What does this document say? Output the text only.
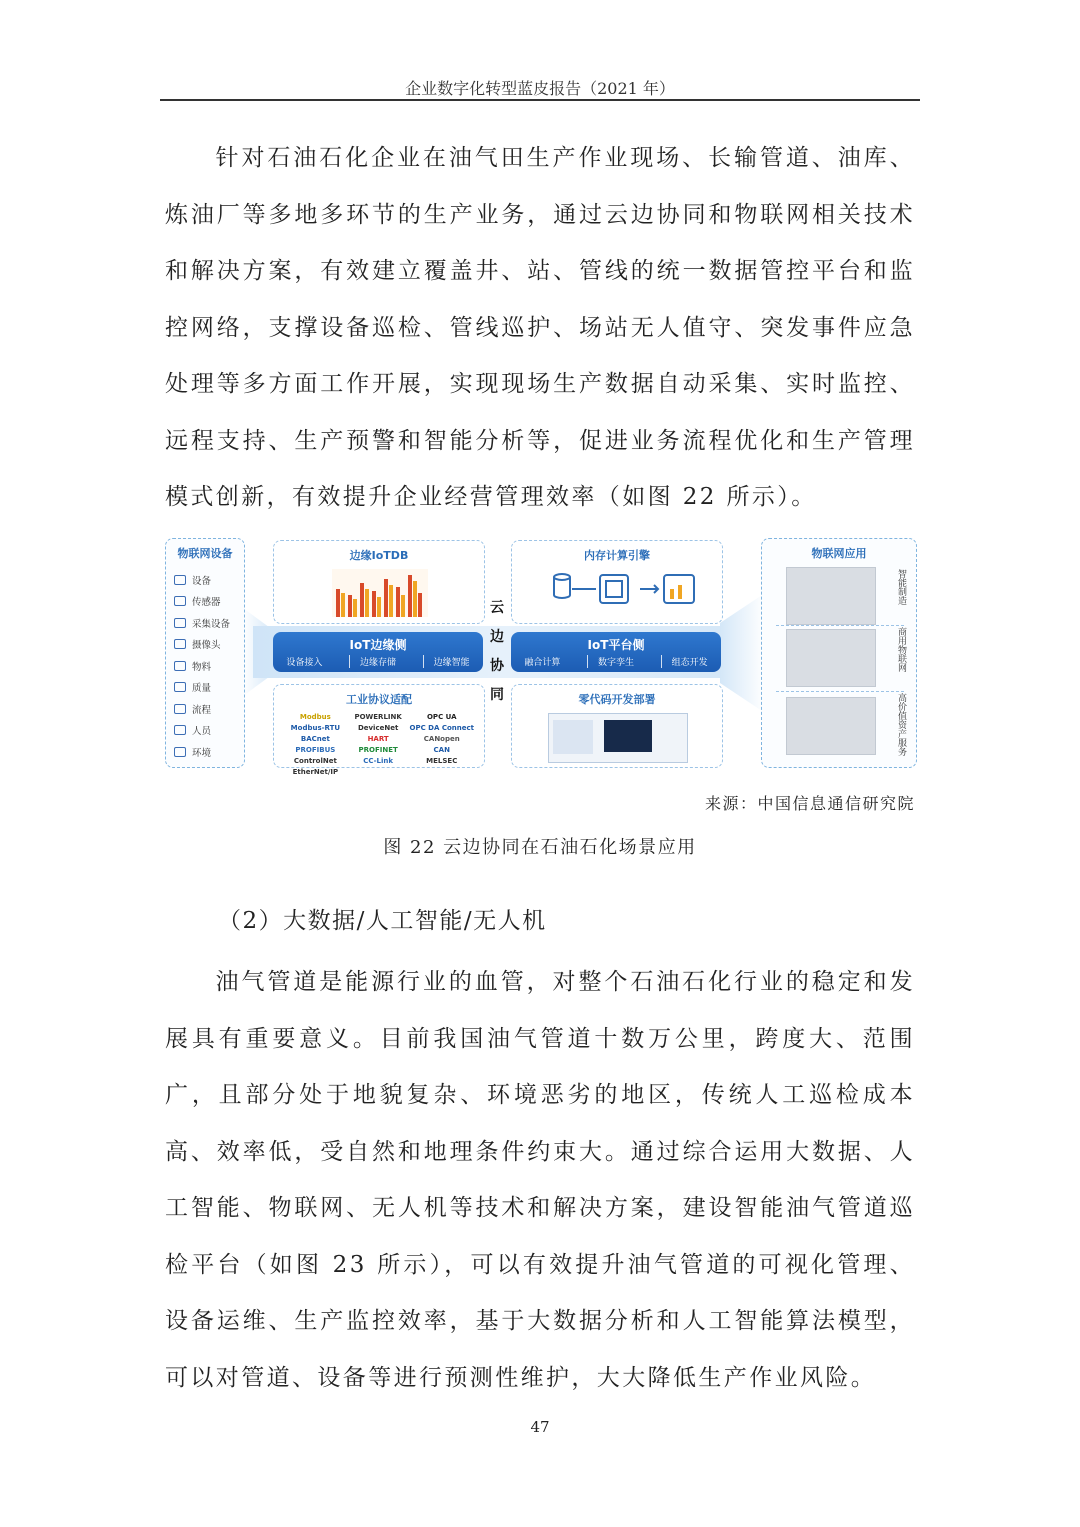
企业数字化转型蓝皮报告（2021 年）

针对石油石化企业在油气田生产作业现场、长输管道、油库、炼油厂等多地多环节的生产业务，通过云边协同和物联网相关技术和解决方案，有效建立覆盖井、站、管线的统一数据管控平台和监控网络，支撑设备巡检、管线巡护、场站无人值守、突发事件应急处理等多方面工作开展，实现现场生产数据自动采集、实时监控、远程支持、生产预警和智能分析等，促进业务流程优化和生产管理模式创新，有效提升企业经营管理效率（如图 22 所示）。

物联网设备
设备
传感器
采集设备
摄像头
物料
质量
流程
人员
环境
边缘IoTDB	内存计算引擎
云
边
协
同
IoT边缘侧
设备接入	边缘存储	边缘智能
IoT平台侧
融合计算	数字孪生	组态开发
工业协议适配
Modbus	POWERLINK	OPC UA
Modbus-RTU	DeviceNet	OPC DA Connect
BACnet	HART	CANopen
PROFIBUS	PROFINET	CAN
ControlNet	CC-Link	MELSEC
EtherNet/IP
零代码开发部署
物联网应用
智能制造
商用物联网
高价值资产服务
来源：中国信息通信研究院
图 22 云边协同在石油石化场景应用
（2）大数据/人工智能/无人机

油气管道是能源行业的血管，对整个石油石化行业的稳定和发展具有重要意义。目前我国油气管道十数万公里，跨度大、范围广，且部分处于地貌复杂、环境恶劣的地区，传统人工巡检成本高、效率低，受自然和地理条件约束大。通过综合运用大数据、人工智能、物联网、无人机等技术和解决方案，建设智能油气管道巡检平台（如图 23 所示），可以有效提升油气管道的可视化管理、设备运维、生产监控效率，基于大数据分析和人工智能算法模型，可以对管道、设备等进行预测性维护，大大降低生产作业风险。

47
